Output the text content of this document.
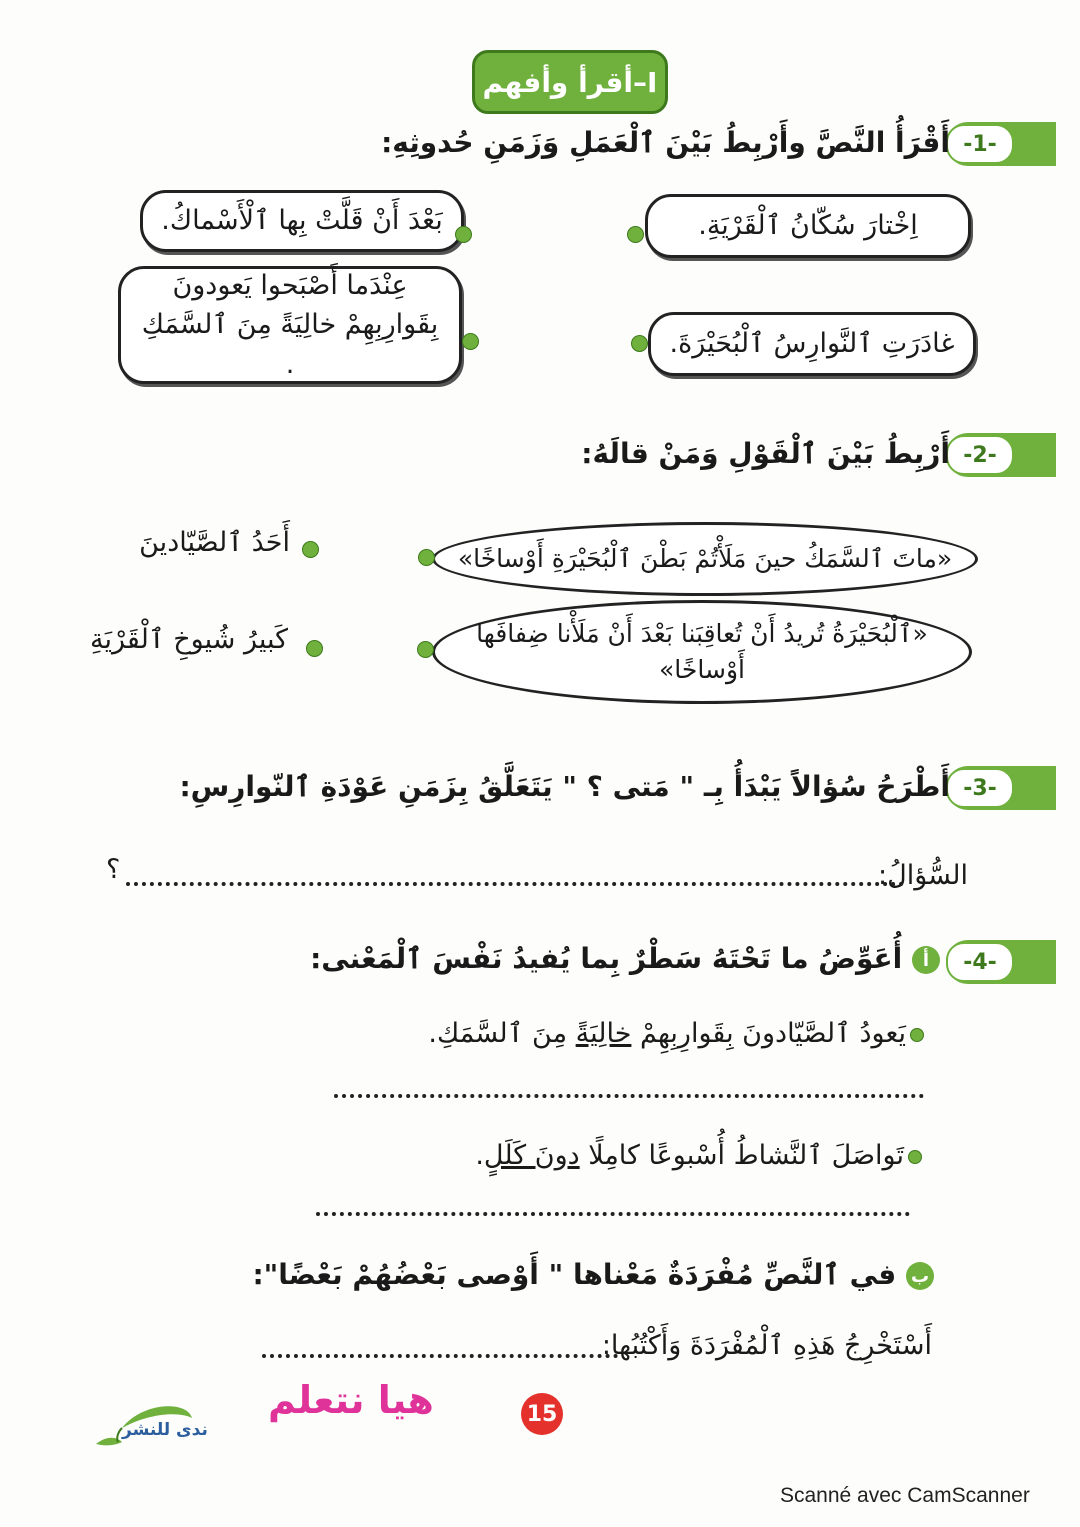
I–أقرأ وأفهم
-1-
أَقْرَأُ النَّصَّ وأَرْبِطُ بَيْنَ ٱلْعَمَلِ وَزَمَنِ حُدوثِهِ:
اِخْتارَ سُكّانُ ٱلْقَرْيَةِ.
غادَرَتِ ٱلنَّوارِسُ ٱلْبُحَيْرَةَ.
بَعْدَ أَنْ قَلَّتْ بِها ٱلْأَسْماكُ.
عِنْدَما أَصْبَحوا يَعودونَ بِقَوارِبِهِمْ خالِيَةً مِنَ ٱلسَّمَكِ .
-2-
أَرْبِطُ بَيْنَ ٱلْقَوْلِ وَمَنْ قالَهُ:
«ماتَ ٱلسَّمَكُ حينَ مَلَأْتُمْ بَطْنَ ٱلْبُحَيْرَةِ أَوْساخًا»
«ٱلْبُحَيْرَةُ تُريدُ أَنْ تُعاقِبَنا بَعْدَ أَنْ مَلَأْنا ضِفافَها أَوْساخًا»
أَحَدُ ٱلصَّيّادينَ
كَبيرُ شُيوخِ ٱلْقَرْيَةِ
-3-
أَطْرَحُ سُؤالاً يَبْدَأُ بِـ " مَتى ؟ " يَتَعَلَّقُ بِزَمَنِ عَوْدَةِ ٱلنّوارِسِ:
السُّؤالُ:
؟
-4-
أ أُعَوِّضُ ما تَحْتَهُ سَطْرٌ بِما يُفيدُ نَفْسَ ٱلْمَعْنى:
يَعودُ ٱلصَّيّادونَ بِقَوارِبِهِمْ خالِيَةً مِنَ ٱلسَّمَكِ.
تَواصَلَ ٱلنَّشاطُ أُسْبوعًا كامِلًا دونَ كَلَلٍ.
ب في ٱلنَّصِّ مُفْرَدَةٌ مَعْناها " أَوْصى بَعْضُهُمْ بَعْضًا":
أَسْتَخْرِجُ هَذِهِ ٱلْمُفْرَدَةَ وَأَكْتُبُها:
ندى للنشر
هيا نتعلم	15
Scanné avec CamScanner
